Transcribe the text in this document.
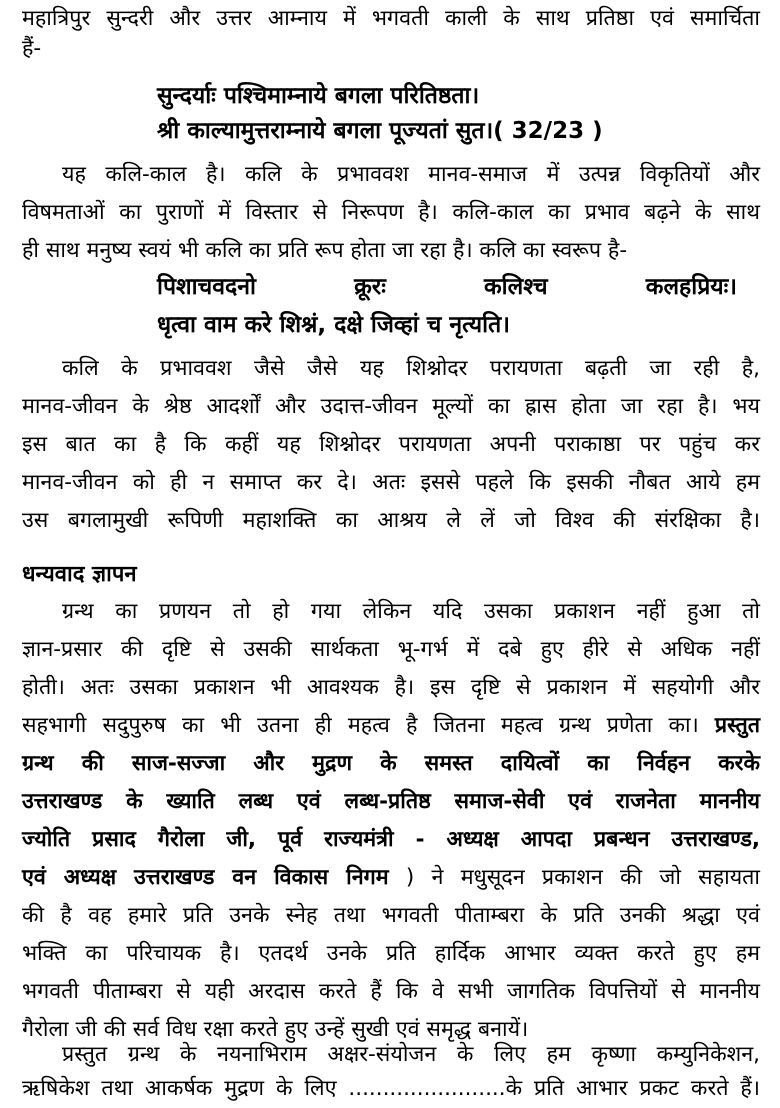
महात्रिपुर सुन्दरी और उत्तर आम्नाय में भगवती काली के साथ प्रतिष्ठा एवं समार्चिता
हैं-
सुन्दर्याः पश्चिमाम्नाये बगला परितिष्ठता।
श्री काल्यामुत्तराम्नाये बगला पूज्यतां सुत।( 32/23 )
यह कलि-काल है। कलि के प्रभाववश मानव-समाज में उत्पन्न विकृतियों और
विषमताओं का पुराणों में विस्तार से निरूपण है। कलि-काल का प्रभाव बढ़ने के साथ
ही साथ मनुष्य स्वयं भी कलि का प्रति रूप होता जा रहा है। कलि का स्वरूप है-
पिशाचवदनो क्रूरः कलिश्च कलहप्रियः।
धृत्वा वाम करे शिश्नं, दक्षे जिव्हां च नृत्यति।
कलि के प्रभाववश जैसे जैसे यह शिश्नोदर परायणता बढ़ती जा रही है,
मानव-जीवन के श्रेष्ठ आदर्शों और उदात्त-जीवन मूल्यों का ह्रास होता जा रहा है। भय
इस बात का है कि कहीं यह शिश्नोदर परायणता अपनी पराकाष्ठा पर पहुंच कर
मानव-जीवन को ही न समाप्त कर दे। अतः इससे पहले कि इसकी नौबत आये हम
उस बगलामुखी रूपिणी महाशक्ति का आश्रय ले लें जो विश्व की संरक्षिका है।
धन्यवाद ज्ञापन
ग्रन्थ का प्रणयन तो हो गया लेकिन यदि उसका प्रकाशन नहीं हुआ तो
ज्ञान-प्रसार की दृष्टि से उसकी सार्थकता भू-गर्भ में दबे हुए हीरे से अधिक नहीं
होती। अतः उसका प्रकाशन भी आवश्यक है। इस दृष्टि से प्रकाशन में सहयोगी और
सहभागी सदुपुरुष का भी उतना ही महत्व है जितना महत्व ग्रन्थ प्रणेता का। प्रस्तुत
ग्रन्थ की साज-सज्जा और मुद्रण के समस्त दायित्वों का निर्वहन करके
उत्तराखण्ड के ख्याति लब्ध एवं लब्ध-प्रतिष्ठ समाज-सेवी एवं राजनेता माननीय
ज्योति प्रसाद गैरोला जी, पूर्व राज्यमंत्री - अध्यक्ष आपदा प्रबन्धन उत्तराखण्ड,
एवं अध्यक्ष उत्तराखण्ड वन विकास निगम ) ने मधुसूदन प्रकाशन की जो सहायता
की है वह हमारे प्रति उनके स्नेह तथा भगवती पीताम्बरा के प्रति उनकी श्रद्धा एवं
भक्ति का परिचायक है। एतदर्थ उनके प्रति हार्दिक आभार व्यक्त करते हुए हम
भगवती पीताम्बरा से यही अरदास करते हैं कि वे सभी जागतिक विपत्तियों से माननीय
गैरोला जी की सर्व विध रक्षा करते हुए उन्हें सुखी एवं समृद्ध बनायें।
प्रस्तुत ग्रन्थ के नयनाभिराम अक्षर-संयोजन के लिए हम कृष्णा कम्युनिकेशन,
ऋषिकेश तथा आकर्षक मुद्रण के लिए .......................के प्रति आभार प्रकट करते हैं।
